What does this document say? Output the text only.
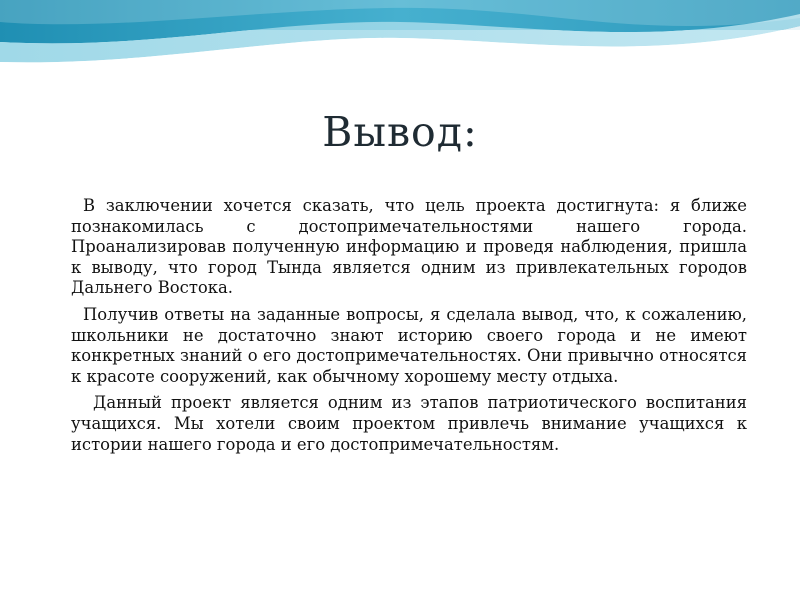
Вывод:

В заключении хочется сказать, что цель проекта достигнута: я ближе познакомилась с достопримечательностями нашего города. Проанализировав полученную информацию и проведя наблюдения, пришла к выводу, что город Тында является одним из привлекательных городов Дальнего Востока.

Получив ответы на заданные вопросы, я сделала вывод, что, к сожалению, школьники не достаточно знают историю своего города и не имеют конкретных знаний о его достопримечательностях. Они привычно относятся к красоте сооружений, как обычному хорошему месту отдыха.

Данный проект является одним из этапов патриотического воспитания учащихся. Мы хотели своим проектом привлечь внимание учащихся к истории нашего города и его достопримечательностям.
